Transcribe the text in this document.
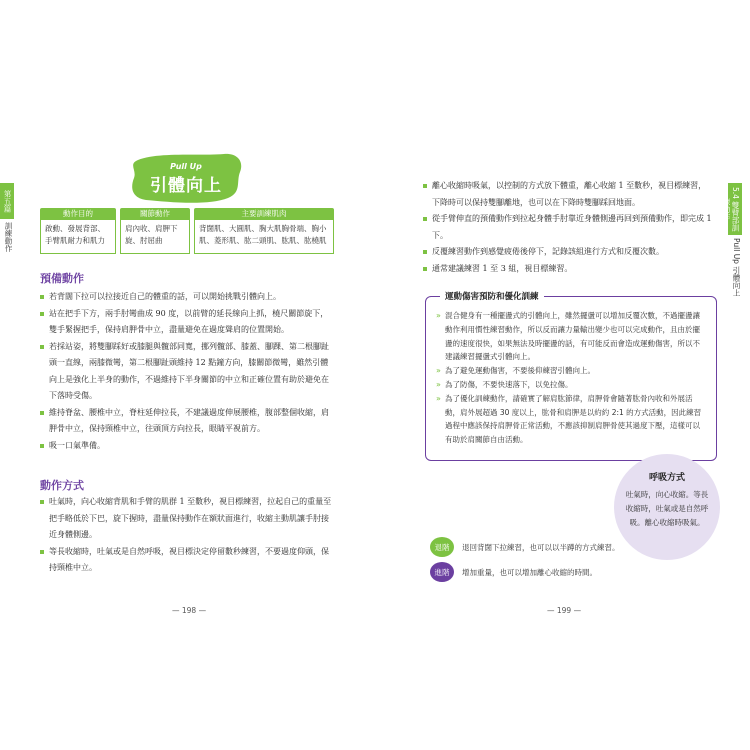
第五篇
訓練動作
Pull Up
引體向上
動作目的
啟動、發展背部、手臂肌耐力和肌力
關節動作
肩內收、肩胛下旋、肘屈曲
主要訓練肌肉
背闊肌、大圓肌、胸大肌胸骨端、胸小肌、菱形肌、肱二頭肌、肱肌、肱橈肌
預備動作
若背闊下拉可以拉接近自己的體重的話，可以開始挑戰引體向上。
站在把手下方，兩手肘彎曲成 90 度，以前臂的延長線向上抓，橈尺關節旋下，雙手緊握把手，保持肩胛骨中立，盡量避免在過度聳肩的位置開始。
若採站姿，將雙腳踩好或膝腿與髖部同寬，挪列髖部、膝蓋、腳踝、第二根腳趾頭一直線，兩膝微彎，第二根腳趾頭維持 12 點鐘方向，膝關節微彎，雖然引體向上是強化上半身的動作，不過維持下半身關節的中立和正確位置有助於避免在下落時受傷。
維持脊盆、腰椎中立，脊柱延伸拉長，不建議過度伸展腰椎，腹部整個收縮，肩胛骨中立，保持頸椎中立，往頭頂方向拉長，眼睛平視前方。
吸一口氣準備。
動作方式
吐氣時，向心收縮背肌和手臂的肌群 1 至數秒，視目標練習，拉起自己的重量至把手略低於下巴，旋下握時，盡量保持動作在額狀面進行，收縮主動肌讓手肘接近身體側邊。
等長收縮時，吐氣或是自然呼吸，視目標決定停留數秒練習，不要過度仰頭，保持頸椎中立。
— 198 —
5.4 雙臂部訓練動作
Pull Up 引體向上
離心收縮時吸氣，以控制的方式放下體重，離心收縮 1 至數秒，視目標練習，下降時可以保持雙腳離地，也可以在下降時雙腳踩回地面。
從手臂伸直的預備動作到拉起身體手肘靠近身體側邊再回到預備動作，即完成 1 下。
反覆練習動作到感覺疲倦後停下，記錄該組進行方式和反覆次數。
通常建議練習 1 至 3 組，視目標練習。
— 199 —
運動傷害預防和優化訓練
» 混合健身有一種擺盪式的引體向上，雖然擺盪可以增加反覆次數，不過擺盪讓動作利用慣性練習動作，所以反而讓力量輸出變少也可以完成動作，且由於擺盪的速度很快，如果無法及時擺盪的話，有可能反而會造成運動傷害，所以不建議練習擺盪式引體向上。
» 為了避免運動傷害，不要後仰練習引體向上。
» 為了防傷，不要快速落下，以免拉傷。
» 為了優化訓練動作，請確實了解肩肱節律，肩胛骨會隨著肱骨內收和外展活動，肩外展超過 30 度以上，肱骨和肩胛是以約約 2:1 的方式活動，因此練習過程中應該保持肩胛骨正常活動，不應該抑制肩胛骨使其過度下壓，這樣可以有助於肩關節自由活動。
呼吸方式
吐氣時，向心收縮。等長收縮時，吐氣或是自然呼吸。離心收縮時吸氣。
退階	退回背闊下拉練習，也可以以半蹲的方式練習。
進階	增加重量，也可以增加離心收縮的時間。
